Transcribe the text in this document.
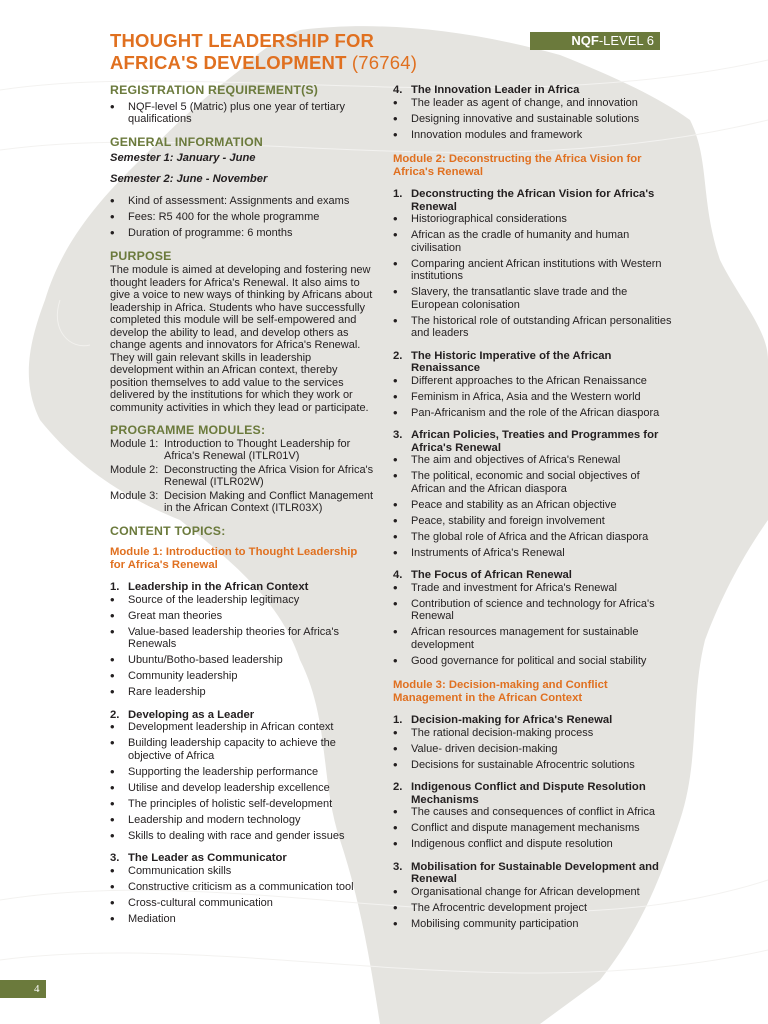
NQF-LEVEL 6
THOUGHT LEADERSHIP FOR
AFRICA'S DEVELOPMENT (76764)
REGISTRATION REQUIREMENT(S)
• NQF-level 5 (Matric) plus one year of tertiary qualifications
GENERAL INFORMATION
Semester 1: January - June
Semester 2: June - November
• Kind of assessment: Assignments and exams
• Fees: R5 400 for the whole programme
• Duration of programme: 6 months
PURPOSE

The module is aimed at developing and fostering new thought leaders for Africa's Renewal. It also aims to give a voice to new ways of thinking by Africans about leadership in Africa. Students who have successfully completed this module will be self-empowered and develop the ability to lead, and develop others as change agents and innovators for Africa's Renewal. They will gain relevant skills in leadership development within an African context, thereby position themselves to add value to the services delivered by the institutions for which they work or community activities in which they lead or participate.

PROGRAMME MODULES:
Module 1: Introduction to Thought Leadership for Africa's Renewal (ITLR01V)
Module 2: Deconstructing the Africa Vision for Africa's Renewal (ITLR02W)
Module 3: Decision Making and Conflict Management in the African Context (ITLR03X)
CONTENT TOPICS:
Module 1: Introduction to Thought Leadership for Africa's Renewal
1. Leadership in the African Context
• Source of the leadership legitimacy
• Great man theories
• Value-based leadership theories for Africa's Renewals
• Ubuntu/Botho-based leadership
• Community leadership
• Rare leadership
2. Developing as a Leader
• Development leadership in African context
• Building leadership capacity to achieve the objective of Africa
• Supporting the leadership performance
• Utilise and develop leadership excellence
• The principles of holistic self-development
• Leadership and modern technology
• Skills to dealing with race and gender issues
3. The Leader as Communicator
• Communication skills
• Constructive criticism as a communication tool
• Cross-cultural communication
• Mediation
4. The Innovation Leader in Africa
• The leader as agent of change, and innovation
• Designing innovative and sustainable solutions
• Innovation modules and framework
Module 2: Deconstructing the Africa Vision for Africa's Renewal
1. Deconstructing the African Vision for Africa's Renewal
• Historiographical considerations
• African as the cradle of humanity and human civilisation
• Comparing ancient African institutions with Western institutions
• Slavery, the transatlantic slave trade and the European colonisation
• The historical role of outstanding African personalities and leaders
2. The Historic Imperative of the African Renaissance
• Different approaches to the African Renaissance
• Feminism in Africa, Asia and the Western world
• Pan-Africanism and the role of the African diaspora
3. African Policies, Treaties and Programmes for Africa's Renewal
• The aim and objectives of Africa's Renewal
• The political, economic and social objectives of African and the African diaspora
• Peace and stability as an African objective
• Peace, stability and foreign involvement
• The global role of Africa and the African diaspora
• Instruments of Africa's Renewal
4. The Focus of African Renewal
• Trade and investment for Africa's Renewal
• Contribution of science and technology for Africa's Renewal
• African resources management for sustainable development
• Good governance for political and social stability
Module 3: Decision-making and Conflict Management in the African Context
1. Decision-making for Africa's Renewal
• The rational decision-making process
• Value- driven decision-making
• Decisions for sustainable Afrocentric solutions
2. Indigenous Conflict and Dispute Resolution Mechanisms
• The causes and consequences of conflict in Africa
• Conflict and dispute management mechanisms
• Indigenous conflict and dispute resolution
3. Mobilisation for Sustainable Development and Renewal
• Organisational change for African development
• The Afrocentric development project
• Mobilising community participation
4
